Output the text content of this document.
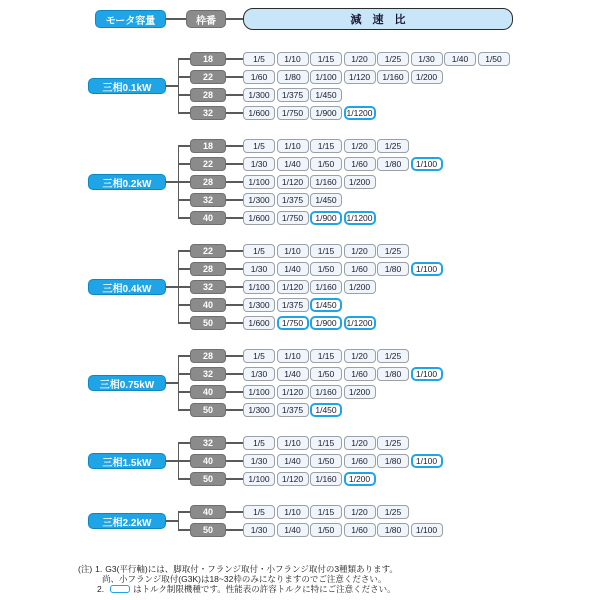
モータ容量	枠番	減　速　比
三相0.1kW
18	1/5	1/10	1/15	1/20	1/25	1/30	1/40	1/50
22	1/60	1/80	1/100	1/120	1/160	1/200
28	1/300	1/375	1/450
32	1/600	1/750	1/900	1/1200
三相0.2kW
18	1/5	1/10	1/15	1/20	1/25
22	1/30	1/40	1/50	1/60	1/80	1/100
28	1/100	1/120	1/160	1/200
32	1/300	1/375	1/450
40	1/600	1/750	1/900	1/1200
三相0.4kW
22	1/5	1/10	1/15	1/20	1/25
28	1/30	1/40	1/50	1/60	1/80	1/100
32	1/100	1/120	1/160	1/200
40	1/300	1/375	1/450
50	1/600	1/750	1/900	1/1200
三相0.75kW
28	1/5	1/10	1/15	1/20	1/25
32	1/30	1/40	1/50	1/60	1/80	1/100
40	1/100	1/120	1/160	1/200
50	1/300	1/375	1/450
三相1.5kW
32	1/5	1/10	1/15	1/20	1/25
40	1/30	1/40	1/50	1/60	1/80	1/100
50	1/100	1/120	1/160	1/200
三相2.2kW
40	1/5	1/10	1/15	1/20	1/25
50	1/30	1/40	1/50	1/60	1/80	1/100
(注) 1. G3(平行軸)には、脚取付・フランジ取付・小フランジ取付の3種類あります。
尚、小フランジ取付(G3K)は18~32枠のみになりますのでご注意ください。
2.	はトルク制限機種です。性能表の許容トルクに特にご注意ください。
